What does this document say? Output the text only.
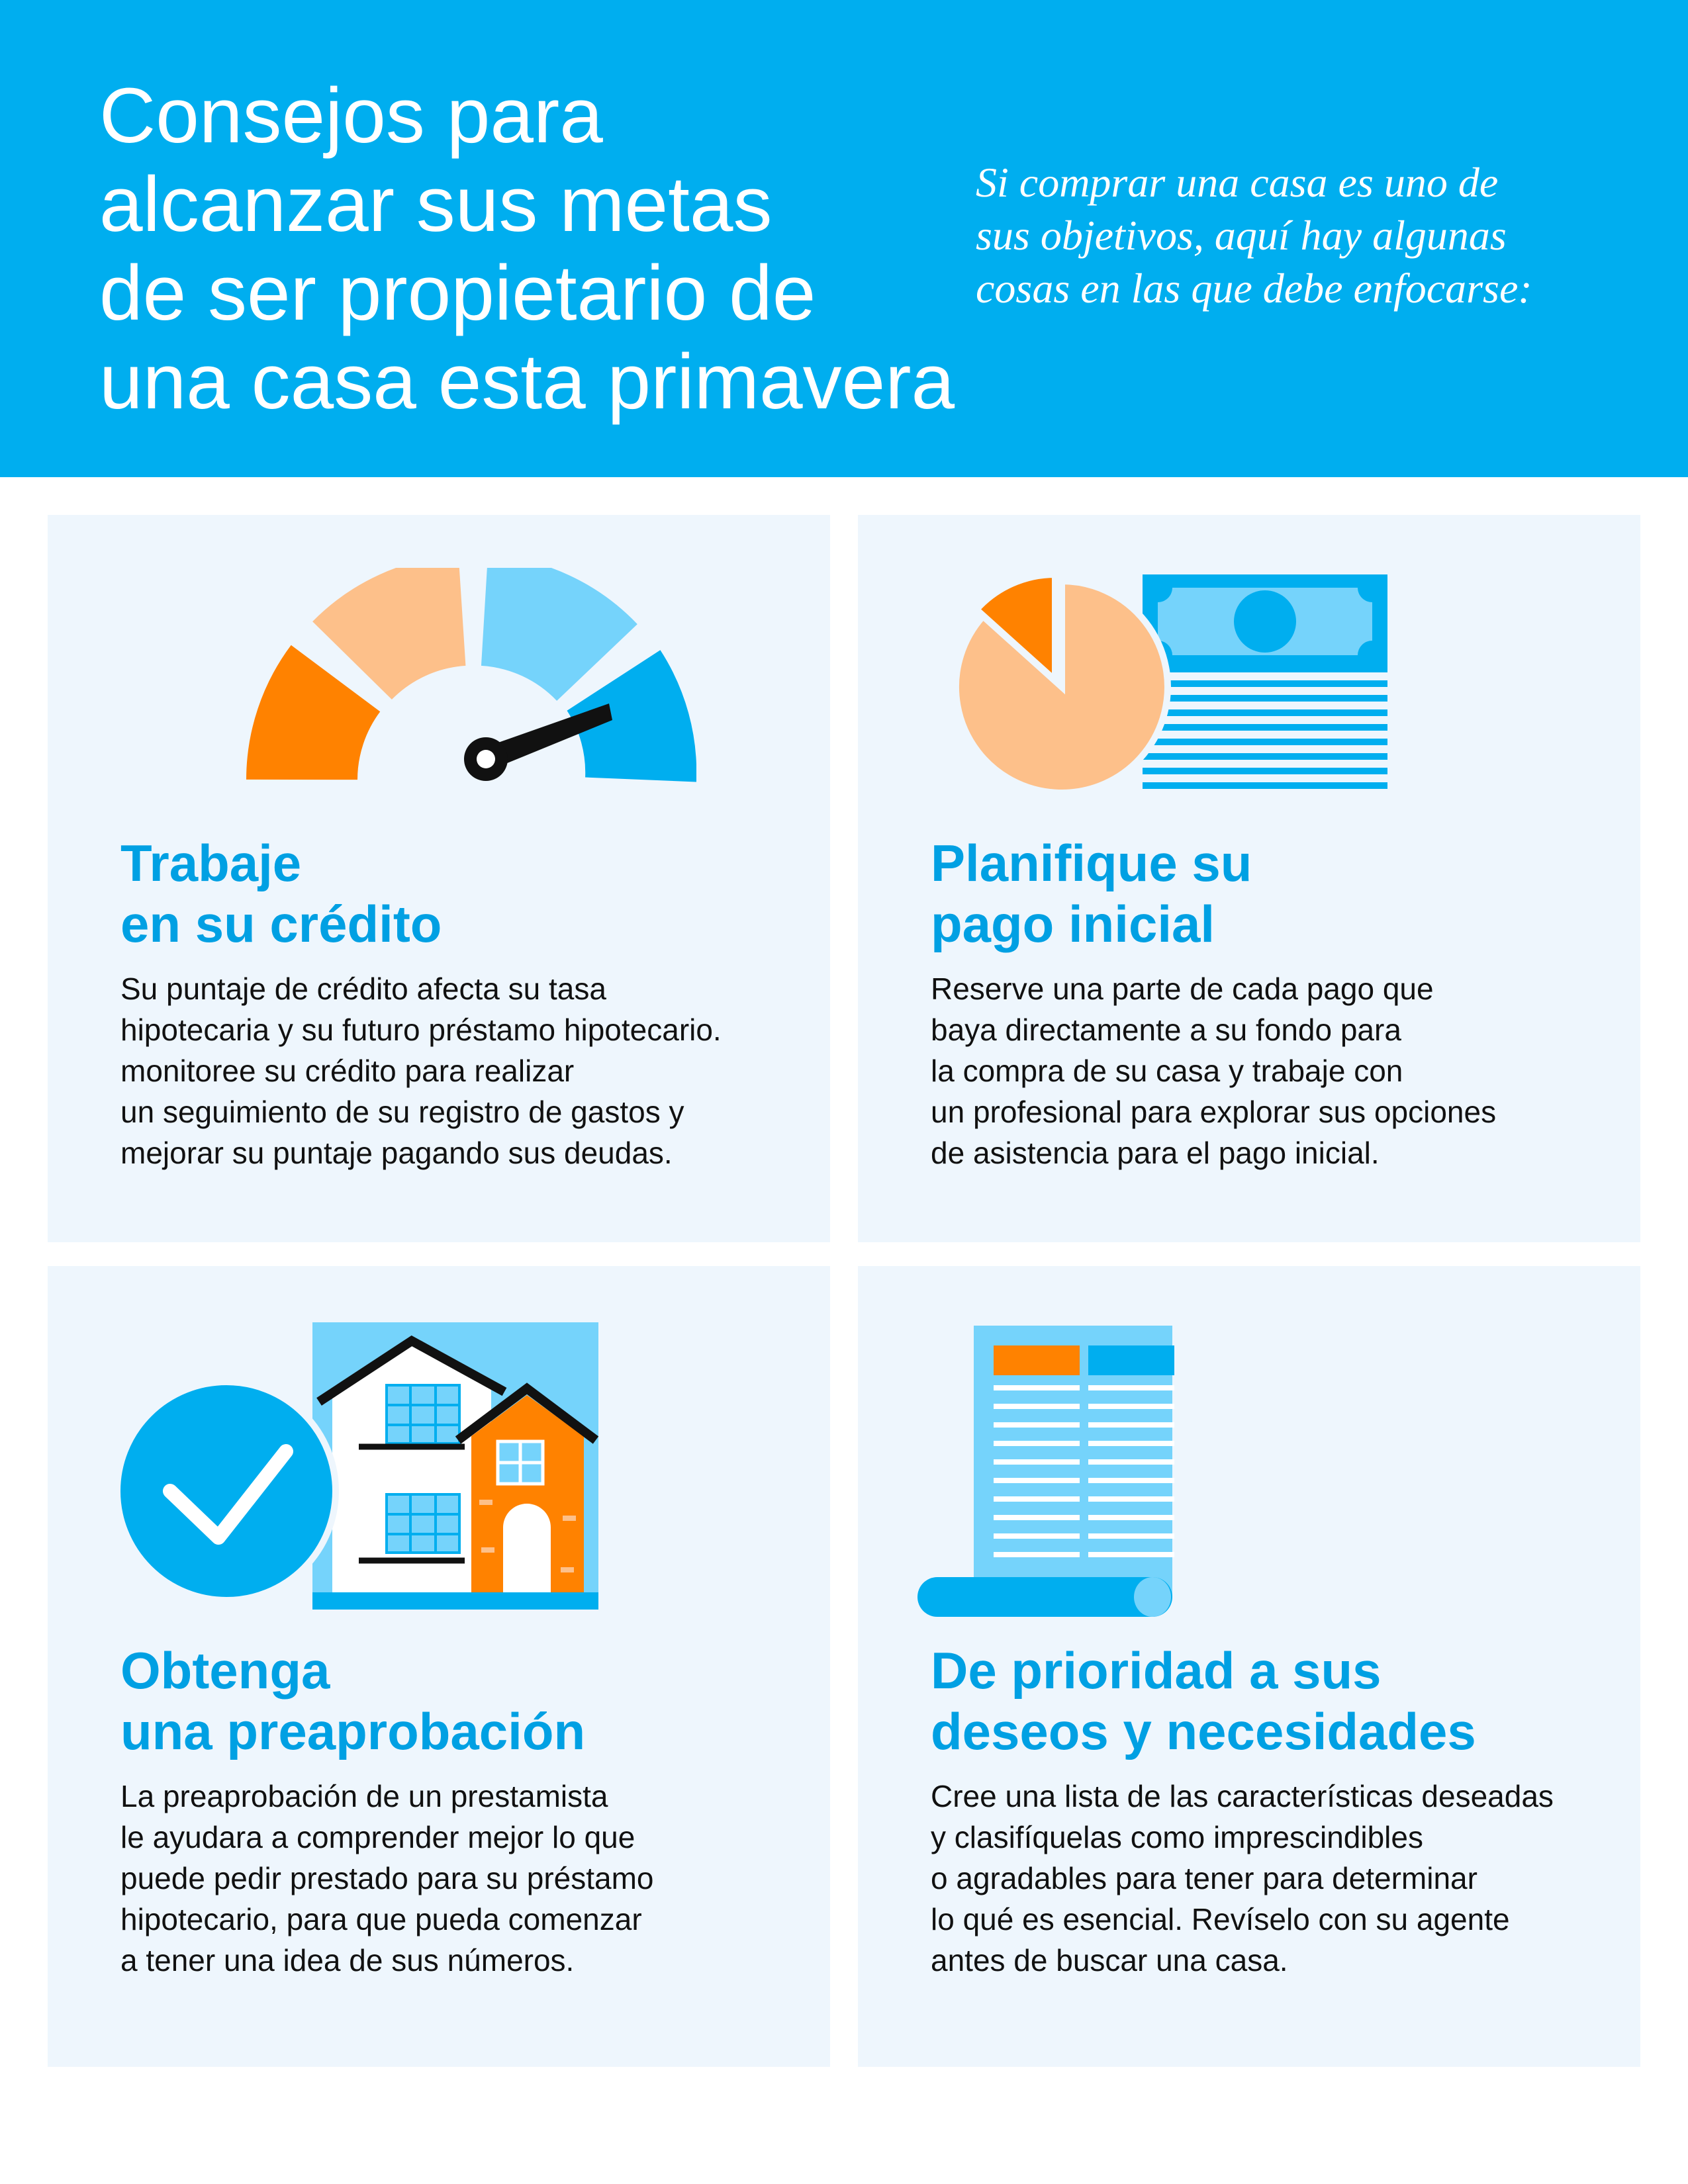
Consejos para
alcanzar sus metas
de ser propietario de
una casa esta primavera

Si comprar una casa es uno de
sus objetivos, aquí hay algunas
cosas en las que debe enfocarse:

Trabaje
en su crédito

Su puntaje de crédito afecta su tasa
hipotecaria y su futuro préstamo hipotecario.
monitoree su crédito para realizar
un seguimiento de su registro de gastos y
mejorar su puntaje pagando sus deudas.

Planifique su
pago inicial

Reserve una parte de cada pago que
baya directamente a su fondo para
la compra de su casa y trabaje con
un profesional para explorar sus opciones
de asistencia para el pago inicial.

Obtenga
una preaprobación

La preaprobación de un prestamista
le ayudara a comprender mejor lo que
puede pedir prestado para su préstamo
hipotecario, para que pueda comenzar
a tener una idea de sus números.

De prioridad a sus
deseos y necesidades

Cree una lista de las características deseadas
y clasifíquelas como imprescindibles
o agradables para tener para determinar
lo qué es esencial. Revíselo con su agente
antes de buscar una casa.
